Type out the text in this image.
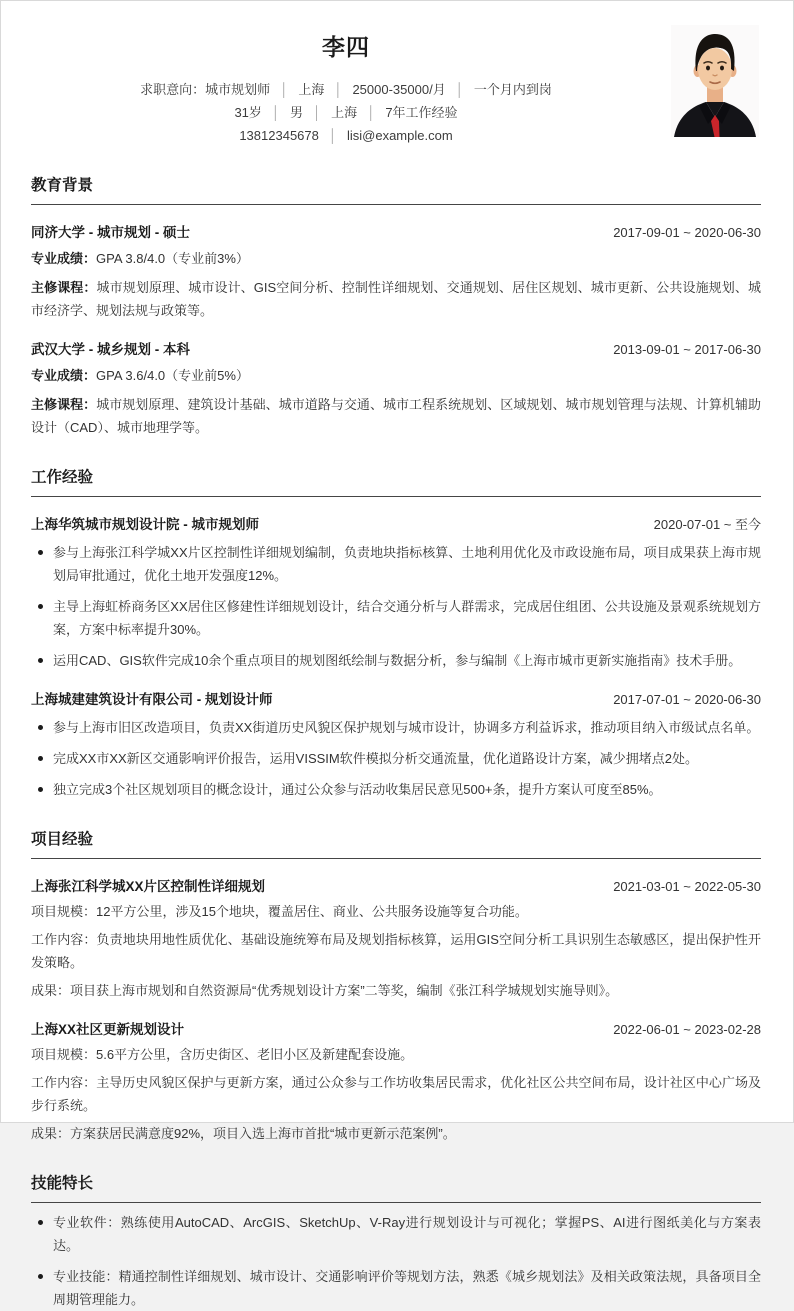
李四
求职意向：城市规划师 │ 上海 │ 25000-35000/月 │ 一个月内到岗
31岁 │ 男 │ 上海 │ 7年工作经验
13812345678 │ lisi@example.com
教育背景
同济大学 - 城市规划 - 硕士	2017-09-01 ~ 2020-06-30
专业成绩：GPA 3.8/4.0（专业前3%）
主修课程：城市规划原理、城市设计、GIS空间分析、控制性详细规划、交通规划、居住区规划、城市更新、公共设施规划、城市经济学、规划法规与政策等。
武汉大学 - 城乡规划 - 本科	2013-09-01 ~ 2017-06-30
专业成绩：GPA 3.6/4.0（专业前5%）
主修课程：城市规划原理、建筑设计基础、城市道路与交通、城市工程系统规划、区域规划、城市规划管理与法规、计算机辅助设计（CAD）、城市地理学等。
工作经验
上海华筑城市规划设计院 - 城市规划师	2020-07-01 ~ 至今
参与上海张江科学城XX片区控制性详细规划编制，负责地块指标核算、土地利用优化及市政设施布局，项目成果获上海市规划局审批通过，优化土地开发强度12%。
主导上海虹桥商务区XX居住区修建性详细规划设计，结合交通分析与人群需求，完成居住组团、公共设施及景观系统规划方案，方案中标率提升30%。
运用CAD、GIS软件完成10余个重点项目的规划图纸绘制与数据分析，参与编制《上海市城市更新实施指南》技术手册。
上海城建建筑设计有限公司 - 规划设计师	2017-07-01 ~ 2020-06-30
参与上海市旧区改造项目，负责XX街道历史风貌区保护规划与城市设计，协调多方利益诉求，推动项目纳入市级试点名单。
完成XX市XX新区交通影响评价报告，运用VISSIM软件模拟分析交通流量，优化道路设计方案，减少拥堵点2处。
独立完成3个社区规划项目的概念设计，通过公众参与活动收集居民意见500+条，提升方案认可度至85%。
项目经验
上海张江科学城XX片区控制性详细规划	2021-03-01 ~ 2022-05-30
项目规模：12平方公里，涉及15个地块，覆盖居住、商业、公共服务设施等复合功能。
工作内容：负责地块用地性质优化、基础设施统筹布局及规划指标核算，运用GIS空间分析工具识别生态敏感区，提出保护性开发策略。
成果：项目获上海市规划和自然资源局“优秀规划设计方案”二等奖，编制《张江科学城规划实施导则》。
上海XX社区更新规划设计	2022-06-01 ~ 2023-02-28
项目规模：5.6平方公里，含历史街区、老旧小区及新建配套设施。
工作内容：主导历史风貌区保护与更新方案，通过公众参与工作坊收集居民需求，优化社区公共空间布局，设计社区中心广场及步行系统。
成果：方案获居民满意度92%，项目入选上海市首批“城市更新示范案例”。
技能特长
专业软件：熟练使用AutoCAD、ArcGIS、SketchUp、V-Ray进行规划设计与可视化；掌握PS、AI进行图纸美化与方案表达。
专业技能：精通控制性详细规划、城市设计、交通影响评价等规划方法，熟悉《城乡规划法》及相关政策法规，具备项目全周期管理能力。
